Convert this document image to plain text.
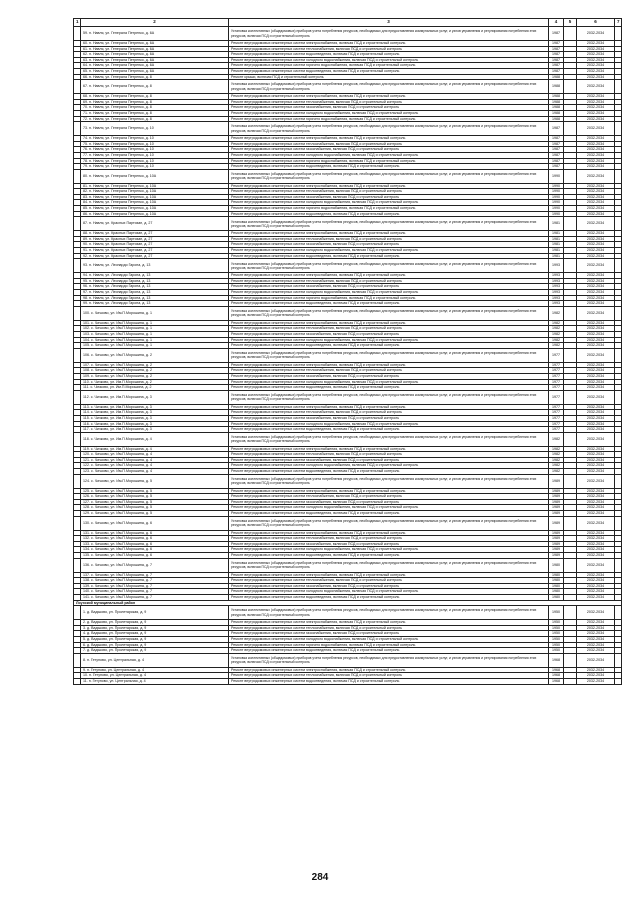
1	2	3	4	5	6	7
	59. п. Навля, ул. Генерала Петренко, д. 6А	Установка коллективных (общедомовых) приборов учета потребления ресурсов, необходимых для предоставления коммунальных услуг, и узлов управления и регулирования потребления этих ресурсов, включая ПСД и строительный контроль	1987		2032-2034	
	60. п. Навля, ул. Генерала Петренко, д. 6А	Ремонт внутридомовых инженерных систем электроснабжения, включая ПСД и строительный контроль	1987		2032-2034	
	61. п. Навля, ул. Генерала Петренко, д. 6А	Ремонт внутридомовых инженерных систем теплоснабжения, включая ПСД и строительный контроль	1987		2032-2034	
	62. п. Навля, ул. Генерала Петренко, д. 6А	Ремонт внутридомовых инженерных систем водоотведения, включая ПСД и строительный контроль	1987		2032-2034	
	63. п. Навля, ул. Генерала Петренко, д. 6А	Ремонт внутридомовых инженерных систем холодного водоснабжения, включая ПСД и строительный контроль	1987		2032-2034	
	64. п. Навля, ул. Генерала Петренко, д. 6А	Ремонт внутридомовых инженерных систем горячего водоснабжения, включая ПСД и строительный контроль	1987		2032-2034	
	65. п. Навля, ул. Генерала Петренко, д. 6А	Ремонт внутридомовых инженерных систем водоотведения, включая ПСД и строительный контроль	1987		2032-2034	
	66. п. Навля, ул. Генерала Петренко, д. 8	Ремонт крыши, включая ПСД и строительный контроль	1988		2032-2034	
	67. п. Навля, ул. Генерала Петренко, д. 8	Установка коллективных (общедомовых) приборов учета потребления ресурсов, необходимых для предоставления коммунальных услуг, и узлов управления и регулирования потребления этих ресурсов, включая ПСД и строительный контроль	1988		2032-2034	
	68. п. Навля, ул. Генерала Петренко, д. 8	Ремонт внутридомовых инженерных систем электроснабжения, включая ПСД и строительный контроль	1988		2032-2034	
	69. п. Навля, ул. Генерала Петренко, д. 8	Ремонт внутридомовых инженерных систем теплоснабжения, включая ПСД и строительный контроль	1988		2032-2034	
	70. п. Навля, ул. Генерала Петренко, д. 8	Ремонт внутридомовых инженерных систем газоснабжения, включая ПСД и строительный контроль	1988		2032-2034	
	71. п. Навля, ул. Генерала Петренко, д. 8	Ремонт внутридомовых инженерных систем холодного водоснабжения, включая ПСД и строительный контроль	1988		2032-2034	
	72. п. Навля, ул. Генерала Петренко, д. 8	Ремонт внутридомовых инженерных систем горячего водоснабжения, включая ПСД и строительный контроль	1988		2032-2034	
	73. п. Навля, ул. Генерала Петренко, д. 10	Установка коллективных (общедомовых) приборов учета потребления ресурсов, необходимых для предоставления коммунальных услуг, и узлов управления и регулирования потребления этих ресурсов, включая ПСД и строительный контроль	1987		2032-2034	
	74. п. Навля, ул. Генерала Петренко, д. 10	Ремонт внутридомовых инженерных систем электроснабжения, включая ПСД и строительный контроль	1987		2032-2034	
	75. п. Навля, ул. Генерала Петренко, д. 10	Ремонт внутридомовых инженерных систем теплоснабжения, включая ПСД и строительный контроль	1987		2032-2034	
	76. п. Навля, ул. Генерала Петренко, д. 10	Ремонт внутридомовых инженерных систем газоснабжения, включая ПСД и строительный контроль	1987		2032-2034	
	77. п. Навля, ул. Генерала Петренко, д. 10	Ремонт внутридомовых инженерных систем холодного водоснабжения, включая ПСД и строительный контроль	1987		2032-2034	
	78. п. Навля, ул. Генерала Петренко, д. 10	Ремонт внутридомовых инженерных систем горячего водоснабжения, включая ПСД и строительный контроль	1987		2032-2034	
	79. п. Навля, ул. Генерала Петренко, д. 10	Ремонт внутридомовых инженерных систем водоотведения, включая ПСД и строительный контроль	1987		2032-2034	
	80. п. Навля, ул. Генерала Петренко, д. 10А	Установка коллективных (общедомовых) приборов учета потребления ресурсов, необходимых для предоставления коммунальных услуг, и узлов управления и регулирования потребления этих ресурсов, включая ПСД и строительный контроль	1990		2032-2034	
	81. п. Навля, ул. Генерала Петренко, д. 10А	Ремонт внутридомовых инженерных систем электроснабжения, включая ПСД и строительный контроль	1990		2032-2034	
	82. п. Навля, ул. Генерала Петренко, д. 10А	Ремонт внутридомовых инженерных систем теплоснабжения, включая ПСД и строительный контроль	1990		2032-2034	
	83. п. Навля, ул. Генерала Петренко, д. 10А	Ремонт внутридомовых инженерных систем газоснабжения, включая ПСД и строительный контроль	1990		2032-2034	
	84. п. Навля, ул. Генерала Петренко, д. 10А	Ремонт внутридомовых инженерных систем холодного водоснабжения, включая ПСД и строительный контроль	1990		2032-2034	
	85. п. Навля, ул. Генерала Петренко, д. 10А	Ремонт внутридомовых инженерных систем горячего водоснабжения, включая ПСД и строительный контроль	1990		2032-2034	
	86. п. Навля, ул. Генерала Петренко, д. 10А	Ремонт внутридомовых инженерных систем водоотведения, включая ПСД и строительный контроль	1990		2032-2034	
	87. п. Навля, ул. Красных Партизан, д. 27	Установка коллективных (общедомовых) приборов учета потребления ресурсов, необходимых для предоставления коммунальных услуг, и узлов управления и регулирования потребления этих ресурсов, включая ПСД и строительный контроль	1981		2032-2034	
	88. п. Навля, ул. Красных Партизан, д. 27	Ремонт внутридомовых инженерных систем электроснабжения, включая ПСД и строительный контроль	1981		2032-2034	
	89. п. Навля, ул. Красных Партизан, д. 27	Ремонт внутридомовых инженерных систем теплоснабжения, включая ПСД и строительный контроль	1981		2032-2034	
	90. п. Навля, ул. Красных Партизан, д. 27	Ремонт внутридомовых инженерных систем газоснабжения, включая ПСД и строительный контроль	1981		2032-2034	
	91. п. Навля, ул. Красных Партизан, д. 27	Ремонт внутридомовых инженерных систем холодного водоснабжения, включая ПСД и строительный контроль	1981		2032-2034	
	92. п. Навля, ул. Красных Партизан, д. 27	Ремонт внутридомовых инженерных систем водоотведения, включая ПСД и строительный контроль	1981		2032-2034	
	93. п. Навля, ул. Леонардо Гарона, д. 13	Установка коллективных (общедомовых) приборов учета потребления ресурсов, необходимых для предоставления коммунальных услуг, и узлов управления и регулирования потребления этих ресурсов, включая ПСД и строительный контроль	1993		2032-2034	
	94. п. Навля, ул. Леонардо Гарона, д. 13	Ремонт внутридомовых инженерных систем электроснабжения, включая ПСД и строительный контроль	1993		2032-2034	
	95. п. Навля, ул. Леонардо Гарона, д. 13	Ремонт внутридомовых инженерных систем теплоснабжения, включая ПСД и строительный контроль	1993		2032-2034	
	96. п. Навля, ул. Леонардо Гарона, д. 13	Ремонт внутридомовых инженерных систем газоснабжения, включая ПСД и строительный контроль	1993		2032-2034	
	97. п. Навля, ул. Леонардо Гарона, д. 13	Ремонт внутридомовых инженерных систем холодного водоснабжения, включая ПСД и строительный контроль	1993		2032-2034	
	98. п. Навля, ул. Леонардо Гарона, д. 13	Ремонт внутридомовых инженерных систем горячего водоснабжения, включая ПСД и строительный контроль	1993		2032-2034	
	99. п. Навля, ул. Леонардо Гарона, д. 13	Ремонт внутридомовых инженерных систем водоотведения, включая ПСД и строительный контроль	1993		2032-2034	
	100. с. Чичково, ул. Им.П.Морошина, д. 1	Установка коллективных (общедомовых) приборов учета потребления ресурсов, необходимых для предоставления коммунальных услуг, и узлов управления и регулирования потребления этих ресурсов, включая ПСД и строительный контроль	1982		2032-2034	
	101. с. Чичково, ул. Им.П.Морошина, д. 1	Ремонт внутридомовых инженерных систем электроснабжения, включая ПСД и строительный контроль	1982		2032-2034	
	102. с. Чичково, ул. Им.П.Морошина, д. 1	Ремонт внутридомовых инженерных систем теплоснабжения, включая ПСД и строительный контроль	1982		2032-2034	
	103. с. Чичково, ул. Им.П.Морошина, д. 1	Ремонт внутридомовых инженерных систем газоснабжения, включая ПСД и строительный контроль	1982		2032-2034	
	104. с. Чичково, ул. Им.П.Морошина, д. 1	Ремонт внутридомовых инженерных систем холодного водоснабжения, включая ПСД и строительный контроль	1982		2032-2034	
	105. с. Чичково, ул. Им.П.Морошина, д. 1	Ремонт внутридомовых инженерных систем водоотведения, включая ПСД и строительный контроль	1982		2032-2034	
	106. с. Чичково, ул. Им.П.Морошина, д. 2	Установка коллективных (общедомовых) приборов учета потребления ресурсов, необходимых для предоставления коммунальных услуг, и узлов управления и регулирования потребления этих ресурсов, включая ПСД и строительный контроль	1977		2032-2034	
	107. с. Чичково, ул. Им.П.Морошина, д. 2	Ремонт внутридомовых инженерных систем электроснабжения, включая ПСД и строительный контроль	1977		2032-2034	
	108. с. Чичково, ул. Им.П.Морошина, д. 2	Ремонт внутридомовых инженерных систем теплоснабжения, включая ПСД и строительный контроль	1977		2032-2034	
	109. с. Чичково, ул. Им.П.Морошина, д. 2	Ремонт внутридомовых инженерных систем газоснабжения, включая ПСД и строительный контроль	1977		2032-2034	
	110. с. Чичково, ул. Им.П.Морошина, д. 2	Ремонт внутридомовых инженерных систем холодного водоснабжения, включая ПСД и строительный контроль	1977		2032-2034	
	111. с. Чичково, ул. Им.П.Морошина, д. 2	Ремонт внутридомовых инженерных систем водоотведения, включая ПСД и строительный контроль	1977		2032-2034	
	112. с. Чичково, ул. Им.П.Морошина, д. 3	Установка коллективных (общедомовых) приборов учета потребления ресурсов, необходимых для предоставления коммунальных услуг, и узлов управления и регулирования потребления этих ресурсов, включая ПСД и строительный контроль	1977		2032-2034	
	113. с. Чичково, ул. Им.П.Морошина, д. 3	Ремонт внутридомовых инженерных систем электроснабжения, включая ПСД и строительный контроль	1977		2032-2034	
	114. с. Чичково, ул. Им.П.Морошина, д. 3	Ремонт внутридомовых инженерных систем теплоснабжения, включая ПСД и строительный контроль	1977		2032-2034	
	115. с. Чичково, ул. Им.П.Морошина, д. 3	Ремонт внутридомовых инженерных систем газоснабжения, включая ПСД и строительный контроль	1977		2032-2034	
	116. с. Чичково, ул. Им.П.Морошина, д. 3	Ремонт внутридомовых инженерных систем холодного водоснабжения, включая ПСД и строительный контроль	1977		2032-2034	
	117. с. Чичково, ул. Им.П.Морошина, д. 3	Ремонт внутридомовых инженерных систем водоотведения, включая ПСД и строительный контроль	1977		2032-2034	
	118. с. Чичково, ул. Им.П.Морошина, д. 4	Установка коллективных (общедомовых) приборов учета потребления ресурсов, необходимых для предоставления коммунальных услуг, и узлов управления и регулирования потребления этих ресурсов, включая ПСД и строительный контроль	1982		2032-2034	
	119. с. Чичково, ул. Им.П.Морошина, д. 4	Ремонт внутридомовых инженерных систем электроснабжения, включая ПСД и строительный контроль	1982		2032-2034	
	120. с. Чичково, ул. Им.П.Морошина, д. 4	Ремонт внутридомовых инженерных систем теплоснабжения, включая ПСД и строительный контроль	1982		2032-2034	
	121. с. Чичково, ул. Им.П.Морошина, д. 4	Ремонт внутридомовых инженерных систем газоснабжения, включая ПСД и строительный контроль	1982		2032-2034	
	122. с. Чичково, ул. Им.П.Морошина, д. 4	Ремонт внутридомовых инженерных систем холодного водоснабжения, включая ПСД и строительный контроль	1982		2032-2034	
	123. с. Чичково, ул. Им.П.Морошина, д. 4	Ремонт внутридомовых инженерных систем водоотведения, включая ПСД и строительный контроль	1982		2032-2034	
	124. с. Чичково, ул. Им.П.Морошина, д. 5	Установка коллективных (общедомовых) приборов учета потребления ресурсов, необходимых для предоставления коммунальных услуг, и узлов управления и регулирования потребления этих ресурсов, включая ПСД и строительный контроль	1989		2032-2034	
	125. с. Чичково, ул. Им.П.Морошина, д. 5	Ремонт внутридомовых инженерных систем электроснабжения, включая ПСД и строительный контроль	1989		2032-2034	
	126. с. Чичково, ул. Им.П.Морошина, д. 5	Ремонт внутридомовых инженерных систем теплоснабжения, включая ПСД и строительный контроль	1989		2032-2034	
	127. с. Чичково, ул. Им.П.Морошина, д. 5	Ремонт внутридомовых инженерных систем газоснабжения, включая ПСД и строительный контроль	1989		2032-2034	
	128. с. Чичково, ул. Им.П.Морошина, д. 5	Ремонт внутридомовых инженерных систем холодного водоснабжения, включая ПСД и строительный контроль	1989		2032-2034	
	129. с. Чичково, ул. Им.П.Морошина, д. 5	Ремонт внутридомовых инженерных систем водоотведения, включая ПСД и строительный контроль	1989		2032-2034	
	130. с. Чичково, ул. Им.П.Морошина, д. 6	Установка коллективных (общедомовых) приборов учета потребления ресурсов, необходимых для предоставления коммунальных услуг, и узлов управления и регулирования потребления этих ресурсов, включая ПСД и строительный контроль	1989		2032-2034	
	131. с. Чичково, ул. Им.П.Морошина, д. 6	Ремонт внутридомовых инженерных систем электроснабжения, включая ПСД и строительный контроль	1989		2032-2034	
	132. с. Чичково, ул. Им.П.Морошина, д. 6	Ремонт внутридомовых инженерных систем теплоснабжения, включая ПСД и строительный контроль	1989		2032-2034	
	133. с. Чичково, ул. Им.П.Морошина, д. 6	Ремонт внутридомовых инженерных систем газоснабжения, включая ПСД и строительный контроль	1989		2032-2034	
	134. с. Чичково, ул. Им.П.Морошина, д. 6	Ремонт внутридомовых инженерных систем холодного водоснабжения, включая ПСД и строительный контроль	1989		2032-2034	
	135. с. Чичково, ул. Им.П.Морошина, д. 6	Ремонт внутридомовых инженерных систем водоотведения, включая ПСД и строительный контроль	1989		2032-2034	
	136. с. Чичково, ул. Им.П.Морошина, д. 7	Установка коллективных (общедомовых) приборов учета потребления ресурсов, необходимых для предоставления коммунальных услуг, и узлов управления и регулирования потребления этих ресурсов, включая ПСД и строительный контроль	1980		2032-2034	
	137. с. Чичково, ул. Им.П.Морошина, д. 7	Ремонт внутридомовых инженерных систем электроснабжения, включая ПСД и строительный контроль	1980		2032-2034	
	138. с. Чичково, ул. Им.П.Морошина, д. 7	Ремонт внутридомовых инженерных систем теплоснабжения, включая ПСД и строительный контроль	1980		2032-2034	
	139. с. Чичково, ул. Им.П.Морошина, д. 7	Ремонт внутридомовых инженерных систем газоснабжения, включая ПСД и строительный контроль	1980		2032-2034	
	140. с. Чичково, ул. Им.П.Морошина, д. 7	Ремонт внутридомовых инженерных систем холодного водоснабжения, включая ПСД и строительный контроль	1980		2032-2034	
	141. с. Чичково, ул. Им.П.Морошина, д. 7	Ремонт внутридомовых инженерных систем водоотведения, включая ПСД и строительный контроль	1980		2032-2034	
Лоухский муниципальный район						
	1. д. Вадьково, ул. Пролетарская, д. 9	Установка коллективных (общедомовых) приборов учета потребления ресурсов, необходимых для предоставления коммунальных услуг, и узлов управления и регулирования потребления этих ресурсов, включая ПСД и строительный контроль	1950		2032-2034	
	2. д. Вадьково, ул. Пролетарская, д. 9	Ремонт внутридомовых инженерных систем электроснабжения, включая ПСД и строительный контроль	1950		2032-2034	
	3. д. Вадьково, ул. Пролетарская, д. 9	Ремонт внутридомовых инженерных систем теплоснабжения, включая ПСД и строительный контроль	1950		2032-2034	
	4. д. Вадьково, ул. Пролетарская, д. 9	Ремонт внутридомовых инженерных систем газоснабжения, включая ПСД и строительный контроль	1950		2032-2034	
	5. д. Вадьково, ул. Пролетарская, д. 9	Ремонт внутридомовых инженерных систем холодного водоснабжения, включая ПСД и строительный контроль	1950		2032-2034	
	6. д. Вадьково, ул. Пролетарская, д. 9	Ремонт внутридомовых инженерных систем горячего водоснабжения, включая ПСД и строительный контроль	1950		2032-2034	
	7. д. Вадьково, ул. Пролетарская, д. 9	Ремонт внутридомовых инженерных систем водоотведения, включая ПСД и строительный контроль	1950		2032-2034	
	8. п. Гетуново, ул. Центральная, д. 4	Установка коллективных (общедомовых) приборов учета потребления ресурсов, необходимых для предоставления коммунальных услуг, и узлов управления и регулирования потребления этих ресурсов, включая ПСД и строительный контроль	1968		2032-2034	
	9. п. Гетуново, ул. Центральная, д. 4	Ремонт внутридомовых инженерных систем электроснабжения, включая ПСД и строительный контроль	1968		2032-2034	
	10. п. Гетуново, ул. Центральная, д. 4	Ремонт внутридомовых инженерных систем теплоснабжения, включая ПСД и строительный контроль	1968		2032-2034	
	11. п. Гетуново, ул. Центральная, д. 4	Ремонт внутридомовых инженерных систем водоотведения, включая ПСД и строительный контроль	1968		2032-2034	
284
